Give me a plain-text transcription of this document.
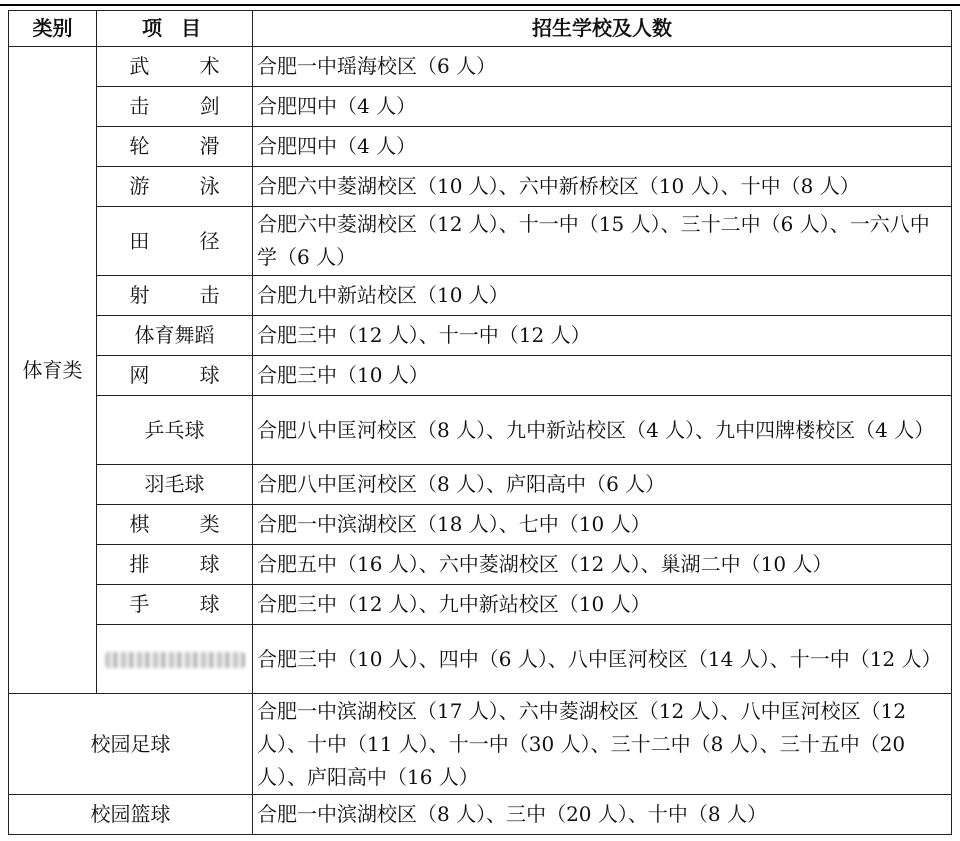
类别	项 目	招生学校及人数
体育类	武 术	合肥一中瑶海校区（6 人）
	击 剑	合肥四中（4 人）
	轮 滑	合肥四中（4 人）
	游 泳	合肥六中菱湖校区（10 人）、六中新桥校区（10 人）、十中（8 人）
	田 径	合肥六中菱湖校区（12 人）、十一中（15 人）、三十二中（6 人）、一六八中学（6 人）
	射 击	合肥九中新站校区（10 人）
	体育舞蹈	合肥三中（12 人）、十一中（12 人）
	网 球	合肥三中（10 人）
	乒乓球	合肥八中匡河校区（8 人）、九中新站校区（4 人）、九中四牌楼校区（4 人）
	羽毛球	合肥八中匡河校区（8 人）、庐阳高中（6 人）
	棋 类	合肥一中滨湖校区（18 人）、七中（10 人）
	排 球	合肥五中（16 人）、六中菱湖校区（12 人）、巢湖二中（10 人）
	手 球	合肥三中（12 人）、九中新站校区（10 人）
		合肥三中（10 人）、四中（6 人）、八中匡河校区（14 人）、十一中（12 人）
校园足球		合肥一中滨湖校区（17 人）、六中菱湖校区（12 人）、八中匡河校区（12 人）、十中（11 人）、十一中（30 人）、三十二中（8 人）、三十五中（20 人）、庐阳高中（16 人）
校园篮球		合肥一中滨湖校区（8 人）、三中（20 人）、十中（8 人）
